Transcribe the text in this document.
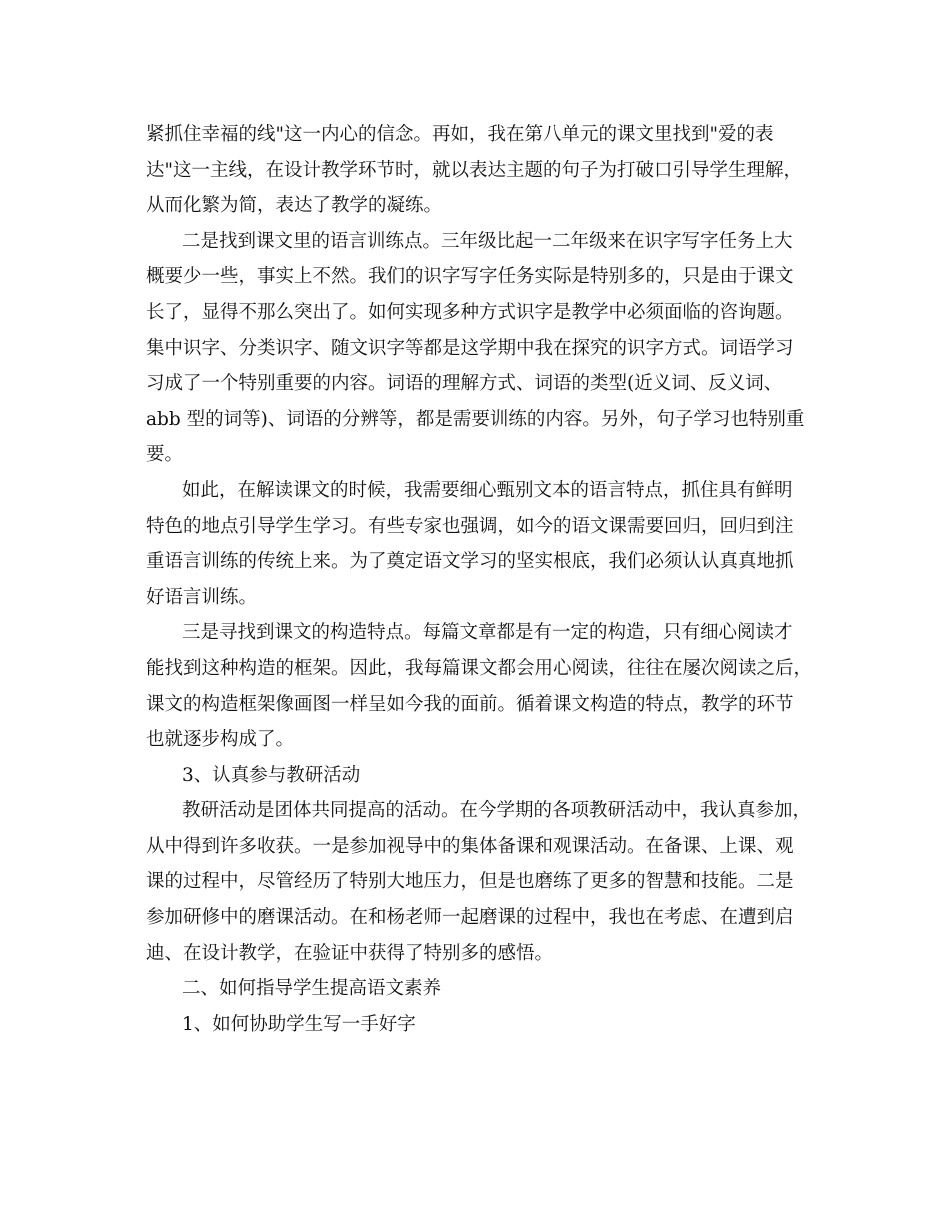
紧抓住幸福的线"这一内心的信念。再如，我在第八单元的课文里找到"爱的表
达"这一主线，在设计教学环节时，就以表达主题的句子为打破口引导学生理解，
从而化繁为简，表达了教学的凝练。
二是找到课文里的语言训练点。三年级比起一二年级来在识字写字任务上大
概要少一些，事实上不然。我们的识字写字任务实际是特别多的，只是由于课文
长了，显得不那么突出了。如何实现多种方式识字是教学中必须面临的咨询题。
集中识字、分类识字、随文识字等都是这学期中我在探究的识字方式。词语学习
习成了一个特别重要的内容。词语的理解方式、词语的类型(近义词、反义词、
abb 型的词等)、词语的分辨等，都是需要训练的内容。另外，句子学习也特别重
要。
如此，在解读课文的时候，我需要细心甄别文本的语言特点，抓住具有鲜明
特色的地点引导学生学习。有些专家也强调，如今的语文课需要回归，回归到注
重语言训练的传统上来。为了奠定语文学习的坚实根底，我们必须认认真真地抓
好语言训练。
三是寻找到课文的构造特点。每篇文章都是有一定的构造，只有细心阅读才
能找到这种构造的框架。因此，我每篇课文都会用心阅读，往往在屡次阅读之后，
课文的构造框架像画图一样呈如今我的面前。循着课文构造的特点，教学的环节
也就逐步构成了。
3、认真参与教研活动
教研活动是团体共同提高的活动。在今学期的各项教研活动中，我认真参加，
从中得到许多收获。一是参加视导中的集体备课和观课活动。在备课、上课、观
课的过程中，尽管经历了特别大地压力，但是也磨练了更多的智慧和技能。二是
参加研修中的磨课活动。在和杨老师一起磨课的过程中，我也在考虑、在遭到启
迪、在设计教学，在验证中获得了特别多的感悟。
二、如何指导学生提高语文素养
1、如何协助学生写一手好字
